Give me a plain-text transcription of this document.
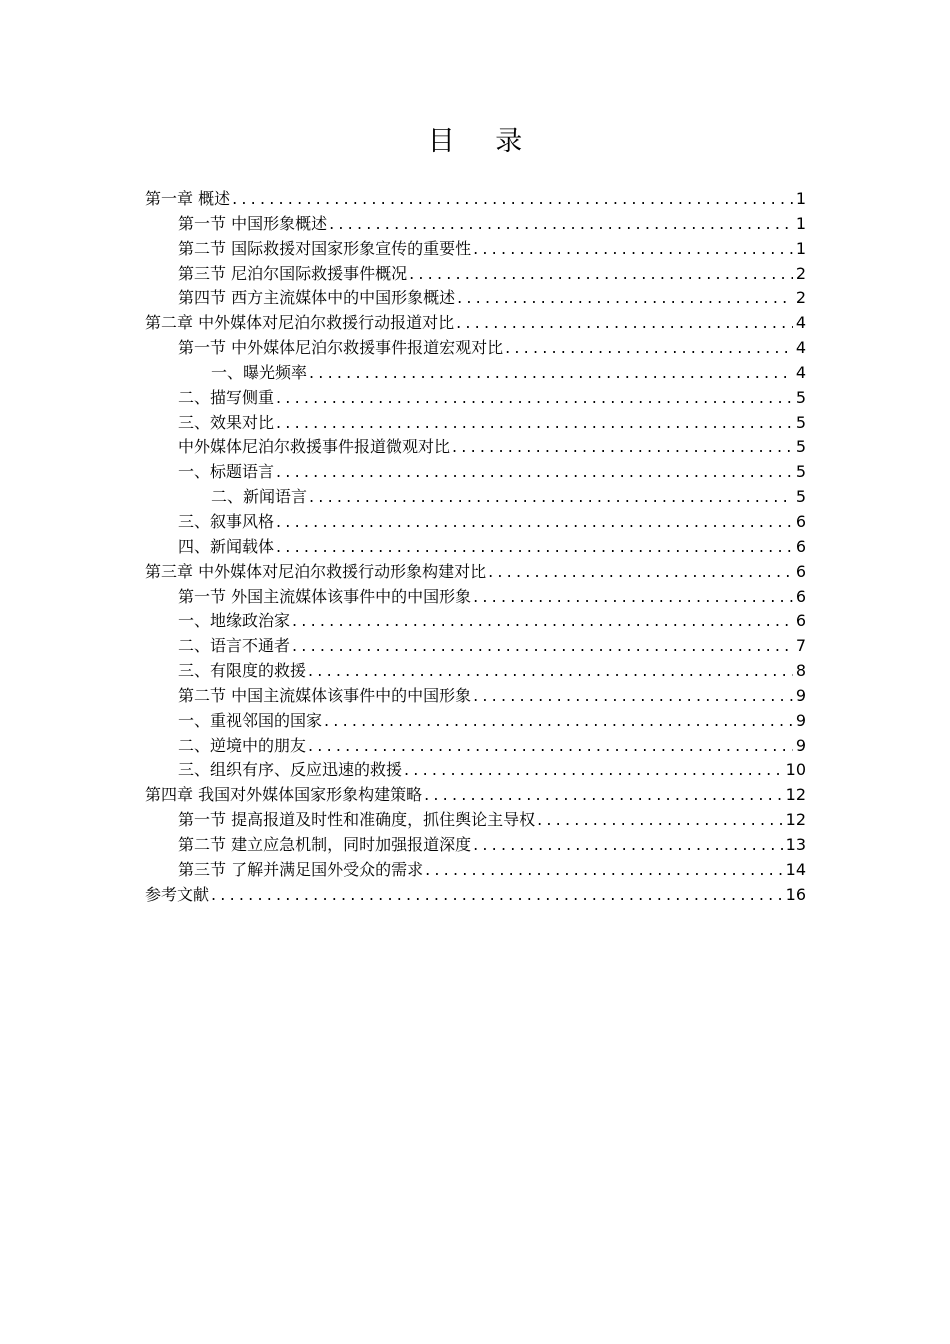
目 录
第一章 概述 .....	1
第一节 中国形象概述 .....	1
第二节 国际救援对国家形象宣传的重要性 .....	1
第三节 尼泊尔国际救援事件概况 .....	2
第四节 西方主流媒体中的中国形象概述 .....	2
第二章 中外媒体对尼泊尔救援行动报道对比 .....	4
第一节 中外媒体尼泊尔救援事件报道宏观对比 .....	4
一、曝光频率 .....	4
二、描写侧重 .....	5
三、效果对比 .....	5
中外媒体尼泊尔救援事件报道微观对比 .....	5
一、标题语言 .....	5
二、新闻语言 .....	5
三、叙事风格 .....	6
四、新闻载体 .....	6
第三章 中外媒体对尼泊尔救援行动形象构建对比 .....	6
第一节 外国主流媒体该事件中的中国形象 .....	6
一、地缘政治家 .....	6
二、语言不通者 .....	7
三、有限度的救援 .....	8
第二节 中国主流媒体该事件中的中国形象 .....	9
一、重视邻国的国家 .....	9
二、逆境中的朋友 .....	9
三、组织有序、反应迅速的救援 .....	10
第四章 我国对外媒体国家形象构建策略 .....	12
第一节 提高报道及时性和准确度，抓住舆论主导权 .....	12
第二节 建立应急机制，同时加强报道深度 .....	13
第三节 了解并满足国外受众的需求 .....	14
参考文献 .....	16
